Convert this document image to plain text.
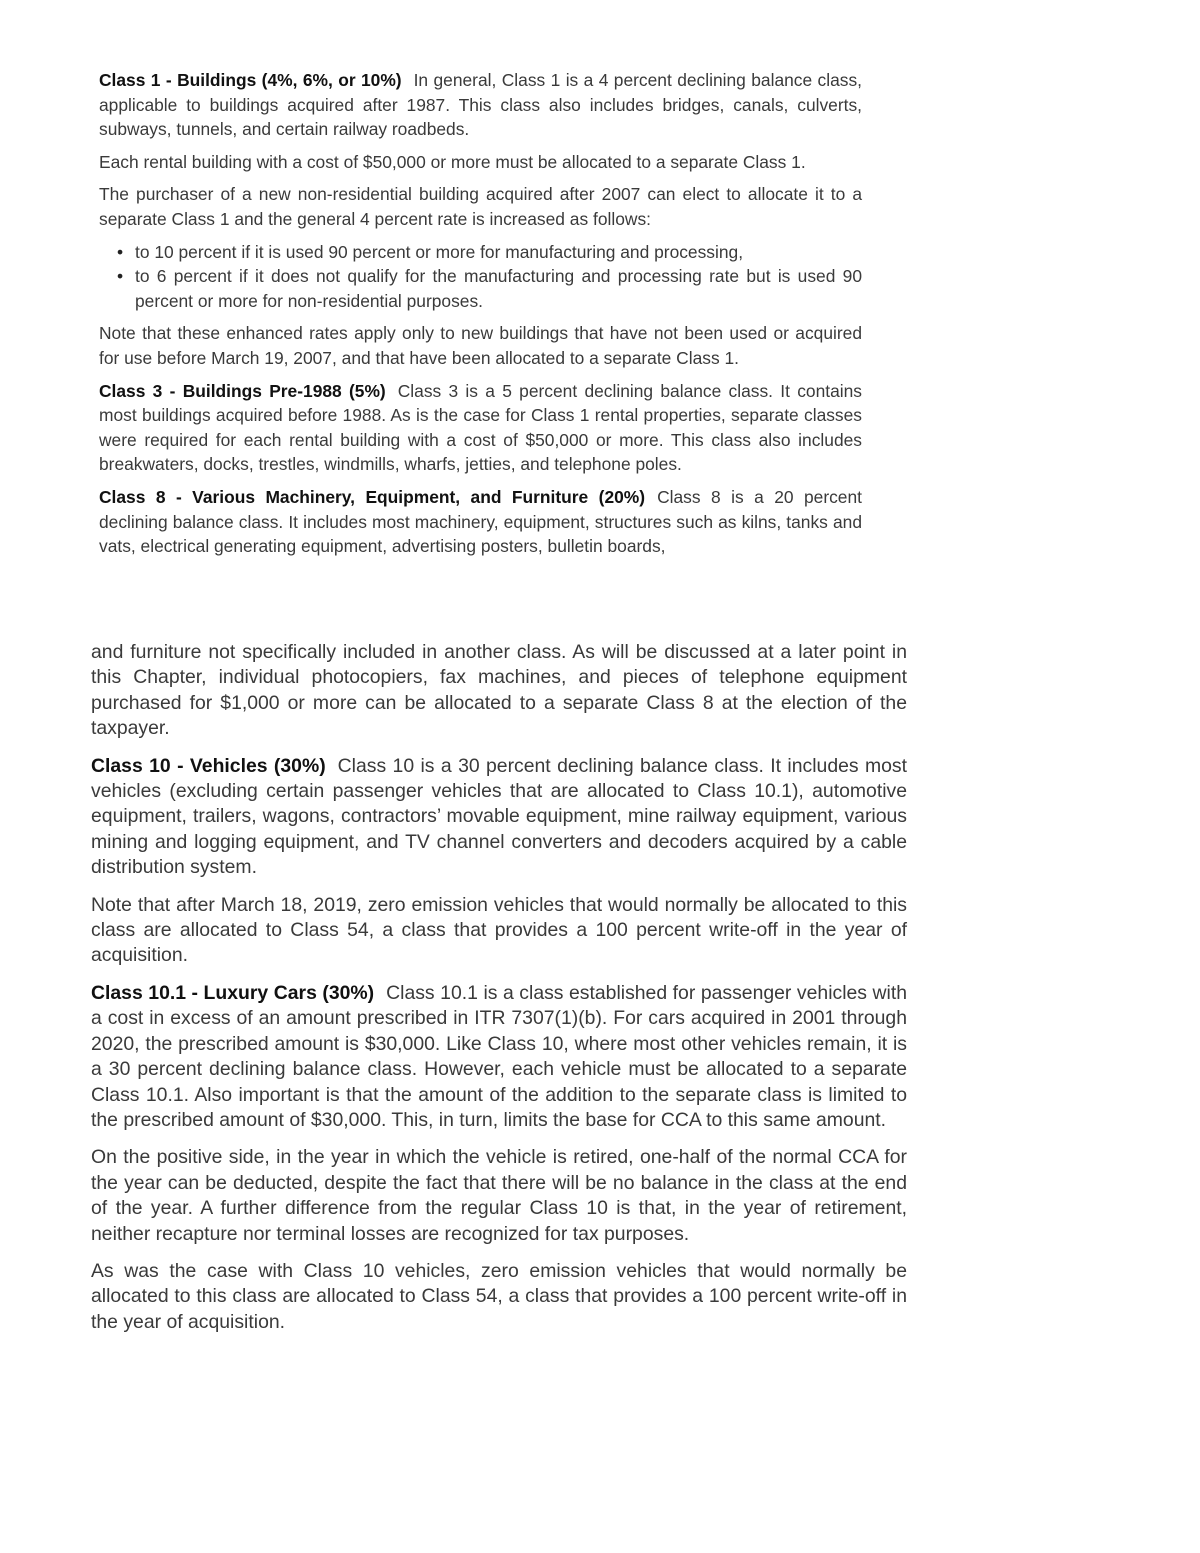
Class 1 - Buildings (4%, 6%, or 10%) In general, Class 1 is a 4 percent declining balance class, applicable to buildings acquired after 1987. This class also includes bridges, canals, culverts, subways, tunnels, and certain railway roadbeds.

Each rental building with a cost of $50,000 or more must be allocated to a separate Class 1.

The purchaser of a new non-residential building acquired after 2007 can elect to allocate it to a separate Class 1 and the general 4 percent rate is increased as follows:

• to 10 percent if it is used 90 percent or more for manufacturing and processing,
• to 6 percent if it does not qualify for the manufacturing and processing rate but is used 90 percent or more for non-residential purposes.

Note that these enhanced rates apply only to new buildings that have not been used or acquired for use before March 19, 2007, and that have been allocated to a separate Class 1.

Class 3 - Buildings Pre-1988 (5%) Class 3 is a 5 percent declining balance class. It contains most buildings acquired before 1988. As is the case for Class 1 rental properties, separate classes were required for each rental building with a cost of $50,000 or more. This class also includes breakwaters, docks, trestles, windmills, wharfs, jetties, and telephone poles.

Class 8 - Various Machinery, Equipment, and Furniture (20%) Class 8 is a 20 percent declining balance class. It includes most machinery, equipment, structures such as kilns, tanks and vats, electrical generating equipment, advertising posters, bulletin boards,

and furniture not specifically included in another class. As will be discussed at a later point in this Chapter, individual photocopiers, fax machines, and pieces of telephone equipment purchased for $1,000 or more can be allocated to a separate Class 8 at the election of the taxpayer.

Class 10 - Vehicles (30%) Class 10 is a 30 percent declining balance class. It includes most vehicles (excluding certain passenger vehicles that are allocated to Class 10.1), automotive equipment, trailers, wagons, contractors’ movable equipment, mine railway equipment, various mining and logging equipment, and TV channel converters and decoders acquired by a cable distribution system.

Note that after March 18, 2019, zero emission vehicles that would normally be allocated to this class are allocated to Class 54, a class that provides a 100 percent write-off in the year of acquisition.

Class 10.1 - Luxury Cars (30%) Class 10.1 is a class established for passenger vehicles with a cost in excess of an amount prescribed in ITR 7307(1)(b). For cars acquired in 2001 through 2020, the prescribed amount is $30,000. Like Class 10, where most other vehicles remain, it is a 30 percent declining balance class. However, each vehicle must be allocated to a separate Class 10.1. Also important is that the amount of the addition to the separate class is limited to the prescribed amount of $30,000. This, in turn, limits the base for CCA to this same amount.

On the positive side, in the year in which the vehicle is retired, one-half of the normal CCA for the year can be deducted, despite the fact that there will be no balance in the class at the end of the year. A further difference from the regular Class 10 is that, in the year of retirement, neither recapture nor terminal losses are recognized for tax purposes.

As was the case with Class 10 vehicles, zero emission vehicles that would normally be allocated to this class are allocated to Class 54, a class that provides a 100 percent write-off in the year of acquisition.
